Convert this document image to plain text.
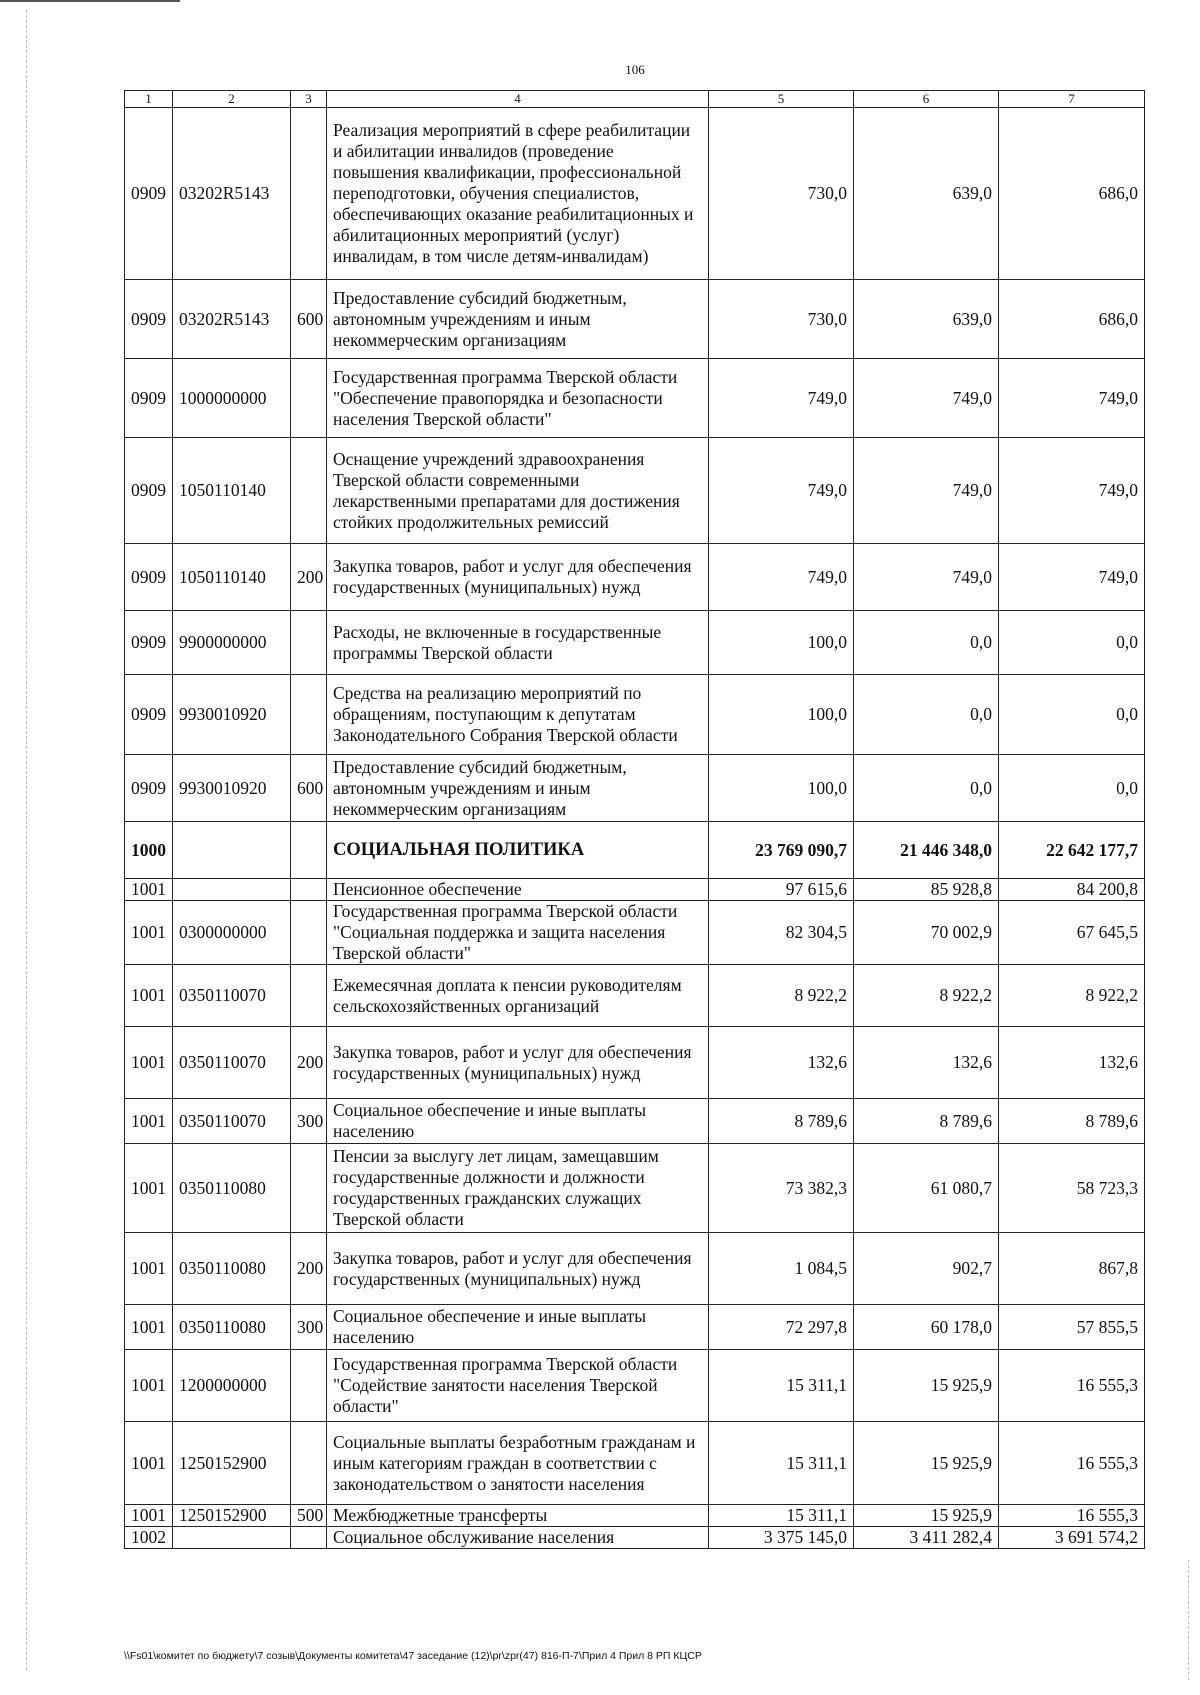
106
1	2	3	4	5	6	7
0909	03202R5143		Реализация мероприятий в сфере реабилитации и абилитации инвалидов (проведение повышения квалификации, профессиональной переподготовки, обучения специалистов, обеспечивающих оказание реабилитационных и абилитационных мероприятий (услуг) инвалидам, в том числе детям-инвалидам)	730,0	639,0	686,0
0909	03202R5143	600	Предоставление субсидий бюджетным, автономным учреждениям и иным некоммерческим организациям	730,0	639,0	686,0
0909	1000000000		Государственная программа Тверской области "Обеспечение правопорядка и безопасности населения Тверской области"	749,0	749,0	749,0
0909	1050110140		Оснащение учреждений здравоохранения Тверской области современными лекарственными препаратами для достижения стойких продолжительных ремиссий	749,0	749,0	749,0
0909	1050110140	200	Закупка товаров, работ и услуг для обеспечения государственных (муниципальных) нужд	749,0	749,0	749,0
0909	9900000000		Расходы, не включенные в государственные программы Тверской области	100,0	0,0	0,0
0909	9930010920		Средства на реализацию мероприятий по обращениям, поступающим к депутатам Законодательного Собрания Тверской области	100,0	0,0	0,0
0909	9930010920	600	Предоставление субсидий бюджетным, автономным учреждениям и иным некоммерческим организациям	100,0	0,0	0,0
1000			СОЦИАЛЬНАЯ ПОЛИТИКА	23 769 090,7	21 446 348,0	22 642 177,7
1001			Пенсионное обеспечение	97 615,6	85 928,8	84 200,8
1001	0300000000		Государственная программа Тверской области "Социальная поддержка и защита населения Тверской области"	82 304,5	70 002,9	67 645,5
1001	0350110070		Ежемесячная доплата к пенсии руководителям сельскохозяйственных организаций	8 922,2	8 922,2	8 922,2
1001	0350110070	200	Закупка товаров, работ и услуг для обеспечения государственных (муниципальных) нужд	132,6	132,6	132,6
1001	0350110070	300	Социальное обеспечение и иные выплаты населению	8 789,6	8 789,6	8 789,6
1001	0350110080		Пенсии за выслугу лет лицам, замещавшим государственные должности и должности государственных гражданских служащих Тверской области	73 382,3	61 080,7	58 723,3
1001	0350110080	200	Закупка товаров, работ и услуг для обеспечения государственных (муниципальных) нужд	1 084,5	902,7	867,8
1001	0350110080	300	Социальное обеспечение и иные выплаты населению	72 297,8	60 178,0	57 855,5
1001	1200000000		Государственная программа Тверской области "Содействие занятости населения Тверской области"	15 311,1	15 925,9	16 555,3
1001	1250152900		Социальные выплаты безработным гражданам и иным категориям граждан в соответствии с законодательством о занятости населения	15 311,1	15 925,9	16 555,3
1001	1250152900	500	Межбюджетные трансферты	15 311,1	15 925,9	16 555,3
1002			Социальное обслуживание населения	3 375 145,0	3 411 282,4	3 691 574,2
\\Fs01\комитет по бюджету\7 созыв\Документы комитета\47 заседание (12)\pr\zpr(47) 816-П-7\Прил 4 Прил 8 РП КЦСР
